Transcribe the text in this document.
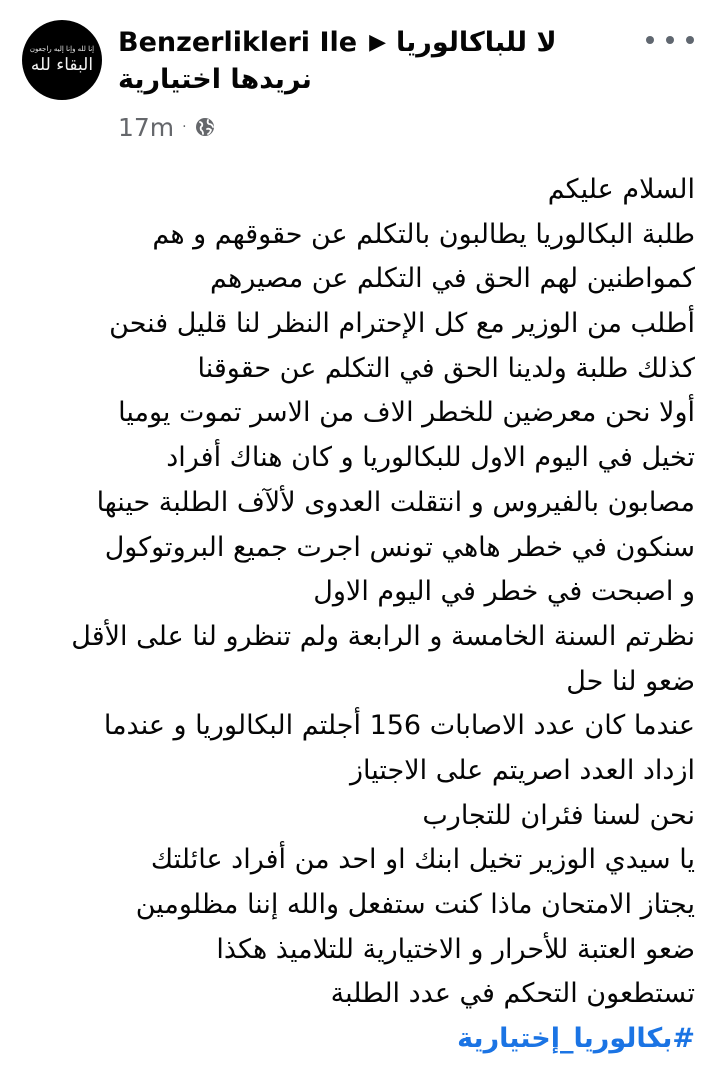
إنا لله وإنا إليه راجعون
البقاء لله
Benzerlikleri Ile ▶ لا للباكالوريا
نريدها اختيارية
17m ·
السلام عليكم
طلبة البكالوريا يطالبون بالتكلم عن حقوقهم و هم
كمواطنين لهم الحق في التكلم عن مصيرهم
أطلب من الوزير مع كل الإحترام النظر لنا قليل فنحن
كذلك طلبة ولدينا الحق في التكلم عن حقوقنا
أولا نحن معرضين للخطر الاف من الاسر تموت يوميا
تخيل في اليوم الاول للبكالوريا و كان هناك أفراد
مصابون بالفيروس و انتقلت العدوى لألآف الطلبة حينها
سنكون في خطر هاهي تونس اجرت جميع البروتوكول
و اصبحت في خطر في اليوم الاول
نظرتم السنة الخامسة و الرابعة ولم تنظرو لنا على الأقل
ضعو لنا حل
عندما كان عدد الاصابات 156 أجلتم البكالوريا و عندما
ازداد العدد اصريتم على الاجتياز
نحن لسنا فئران للتجارب
يا سيدي الوزير تخيل ابنك او احد من أفراد عائلتك
يجتاز الامتحان ماذا كنت ستفعل والله إننا مظلومين
ضعو العتبة للأحرار و الاختيارية للتلاميذ هكذا
تستطعون التحكم في عدد الطلبة
#بكالوريا_إختيارية
